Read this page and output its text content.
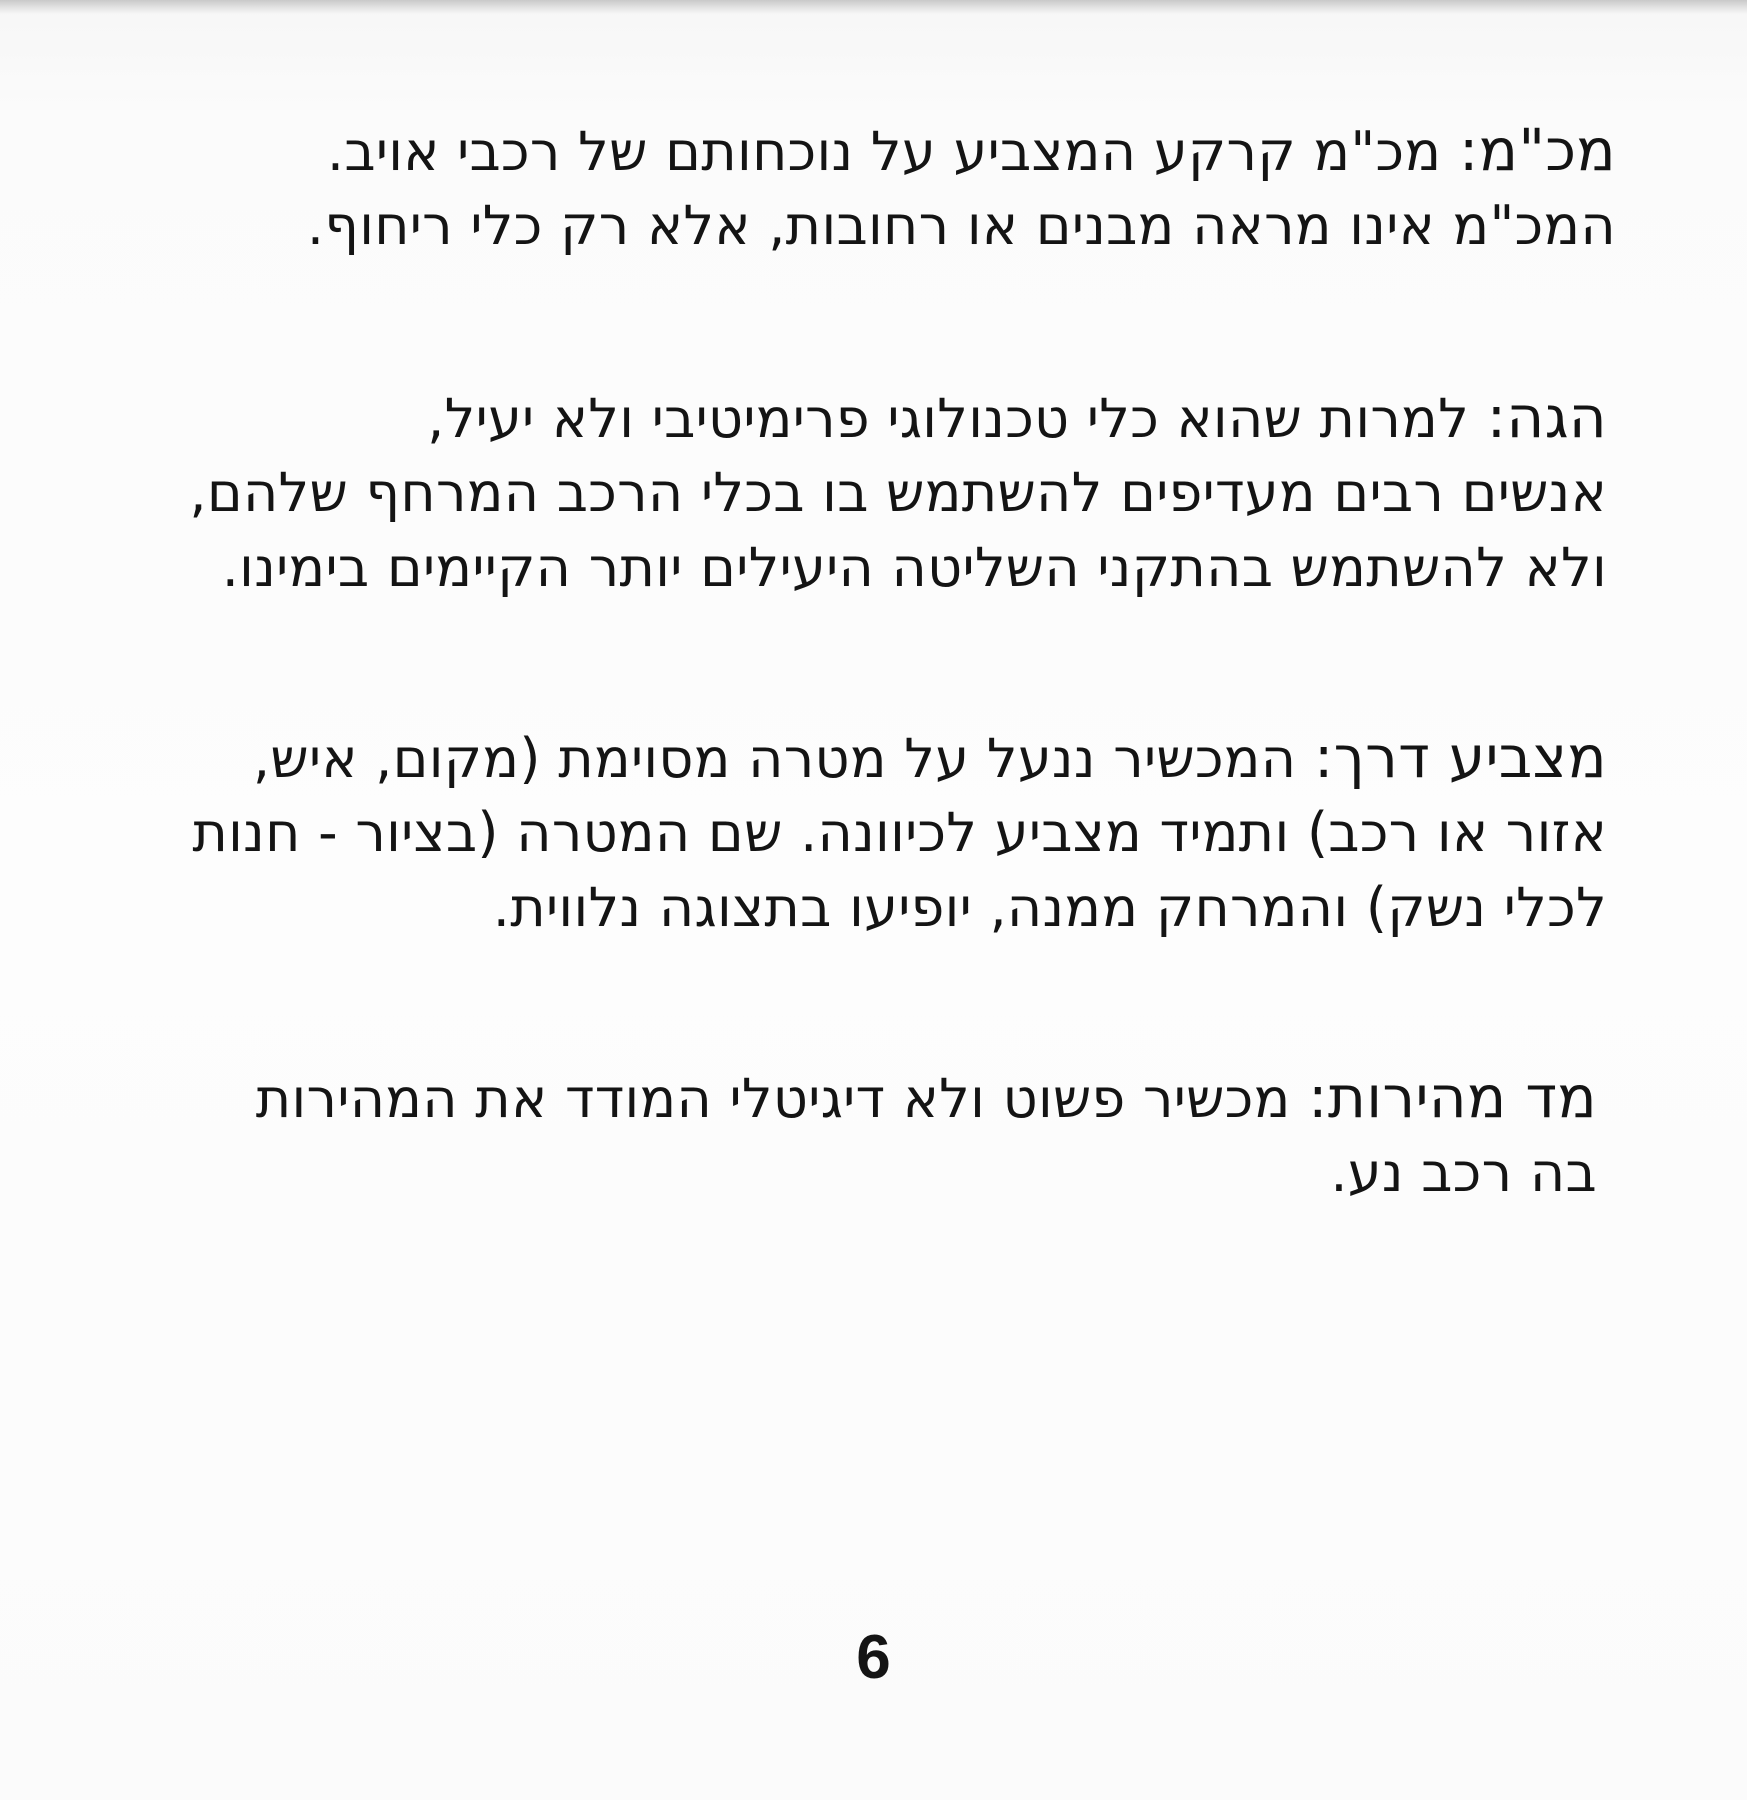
מכ"מ: מכ"מ קרקע המצביע על נוכחותם של רכבי אויב.
המכ"מ אינו מראה מבנים או רחובות, אלא רק כלי ריחוף.
הגה: למרות שהוא כלי טכנולוגי פרימיטיבי ולא יעיל,
אנשים רבים מעדיפים להשתמש בו בכלי הרכב המרחף שלהם,
ולא להשתמש בהתקני השליטה היעילים יותר הקיימים בימינו.
מצביע דרך: המכשיר ננעל על מטרה מסוימת (מקום, איש,
אזור או רכב) ותמיד מצביע לכיוונה. שם המטרה (בציור - חנות
לכלי נשק) והמרחק ממנה, יופיעו בתצוגה נלווית.
מד מהירות: מכשיר פשוט ולא דיגיטלי המודד את המהירות
בה רכב נע.
6
